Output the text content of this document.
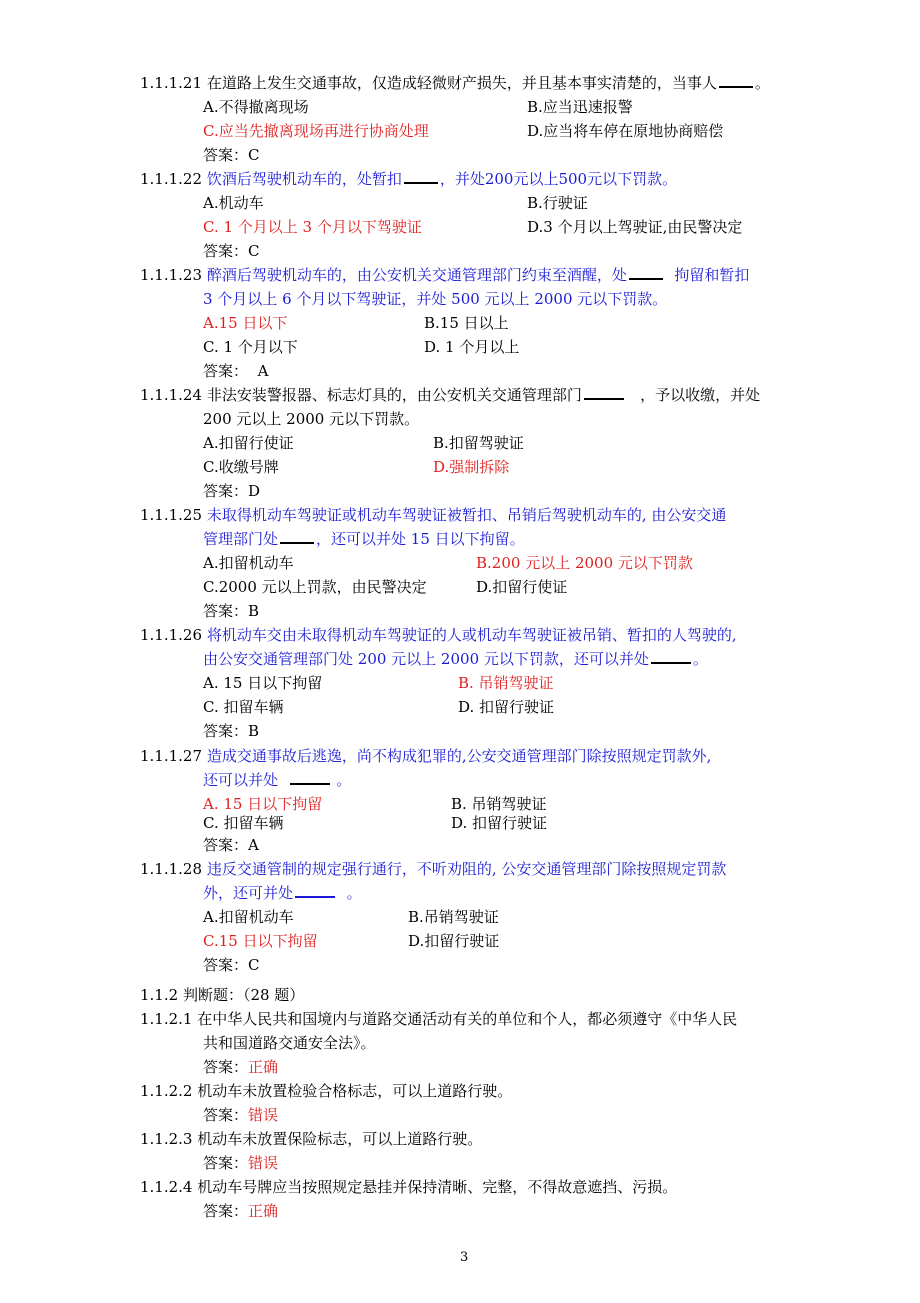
1.1.1.21 在道路上发生交通事故，仅造成轻微财产损失，并且基本事实清楚的，当事人	。
A.不得撤离现场	B.应当迅速报警
C.应当先撤离现场再进行协商处理	D.应当将车停在原地协商赔偿
答案：C
1.1.1.22 饮酒后驾驶机动车的，处暂扣	，并处200元以上500元以下罚款。
A.机动车	B.行驶证
C. 1 个月以上 3 个月以下驾驶证	D.3 个月以上驾驶证,由民警决定
答案：C
1.1.1.23 醉酒后驾驶机动车的，由公安机关交通管理部门约束至酒醒，处	拘留和暂扣
3 个月以上 6 个月以下驾驶证，并处 500 元以上 2000 元以下罚款。
A.15 日以下	B.15 日以上
C. 1 个月以下	D. 1 个月以上
答案： A
1.1.1.24 非法安装警报器、标志灯具的，由公安机关交通管理部门	，予以收缴，并处
200 元以上 2000 元以下罚款。
A.扣留行使证	B.扣留驾驶证
C.收缴号牌	D.强制拆除
答案：D
1.1.1.25 未取得机动车驾驶证或机动车驾驶证被暂扣、吊销后驾驶机动车的, 由公安交通
管理部门处	，还可以并处 15 日以下拘留。
A.扣留机动车	B.200 元以上 2000 元以下罚款
C.2000 元以上罚款，由民警决定	D.扣留行使证
答案：B
1.1.1.26 将机动车交由未取得机动车驾驶证的人或机动车驾驶证被吊销、暂扣的人驾驶的,
由公安交通管理部门处 200 元以上 2000 元以下罚款，还可以并处	。
A. 15 日以下拘留	B. 吊销驾驶证
C. 扣留车辆	D. 扣留行驶证
答案：B
1.1.1.27 造成交通事故后逃逸，尚不构成犯罪的,公安交通管理部门除按照规定罚款外,
还可以并处	。
A. 15 日以下拘留	B. 吊销驾驶证
C. 扣留车辆	D. 扣留行驶证
答案：A
1.1.1.28 违反交通管制的规定强行通行，不听劝阻的, 公安交通管理部门除按照规定罚款
外，还可并处	。
A.扣留机动车	B.吊销驾驶证
C.15 日以下拘留	D.扣留行驶证
答案：C
1.1.2 判断题：（28 题）
1.1.2.1 在中华人民共和国境内与道路交通活动有关的单位和个人，都必须遵守《中华人民
共和国道路交通安全法》。
答案：正确
1.1.2.2 机动车未放置检验合格标志，可以上道路行驶。
答案：错误
1.1.2.3 机动车未放置保险标志，可以上道路行驶。
答案：错误
1.1.2.4 机动车号牌应当按照规定悬挂并保持清晰、完整，不得故意遮挡、污损。
答案：正确
3
